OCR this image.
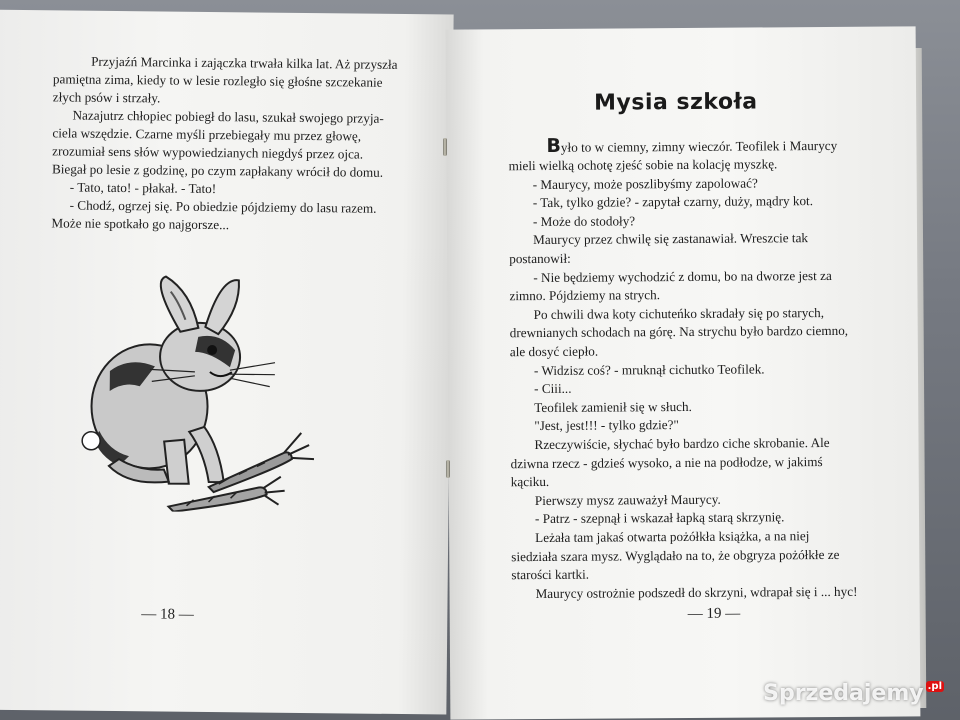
Przyjaźń Marcinka i zajączka trwała kilka lat. Aż przyszła
pamiętna zima, kiedy to w lesie rozległo się głośne szczekanie
złych psów i strzały.
Nazajutrz chłopiec pobiegł do lasu, szukał swojego przyja-
ciela wszędzie. Czarne myśli przebiegały mu przez głowę,
zrozumiał sens słów wypowiedzianych niegdyś przez ojca.
Biegał po lesie z godzinę, po czym zapłakany wrócił do domu.
- Tato, tato! - płakał. - Tato!
- Chodź, ogrzej się. Po obiedzie pójdziemy do lasu razem.
Może nie spotkało go najgorsze...
— 18 —
Mysia szkoła
Było to w ciemny, zimny wieczór. Teofilek i Maurycy
mieli wielką ochotę zjeść sobie na kolację myszkę.
- Maurycy, może poszlibyśmy zapolować?
- Tak, tylko gdzie? - zapytał czarny, duży, mądry kot.
- Może do stodoły?
Maurycy przez chwilę się zastanawiał. Wreszcie tak
postanowił:
- Nie będziemy wychodzić z domu, bo na dworze jest za
zimno. Pójdziemy na strych.
Po chwili dwa koty cichuteńko skradały się po starych,
drewnianych schodach na górę. Na strychu było bardzo ciemno,
ale dosyć ciepło.
- Widzisz coś? - mruknął cichutko Teofilek.
- Ciii...
Teofilek zamienił się w słuch.
"Jest, jest!!! - tylko gdzie?"
Rzeczywiście, słychać było bardzo ciche skrobanie. Ale
dziwna rzecz - gdzieś wysoko, a nie na podłodze, w jakimś
kąciku.
Pierwszy mysz zauważył Maurycy.
- Patrz - szepnął i wskazał łapką starą skrzynię.
Leżała tam jakaś otwarta pożółkła książka, a na niej
siedziała szara mysz. Wyglądało na to, że obgryza pożółkłe ze
starości kartki.
Maurycy ostrożnie podszedł do skrzyni, wdrapał się i ... hyc!
— 19 —
Sprzedajemy $^{.pl}$
